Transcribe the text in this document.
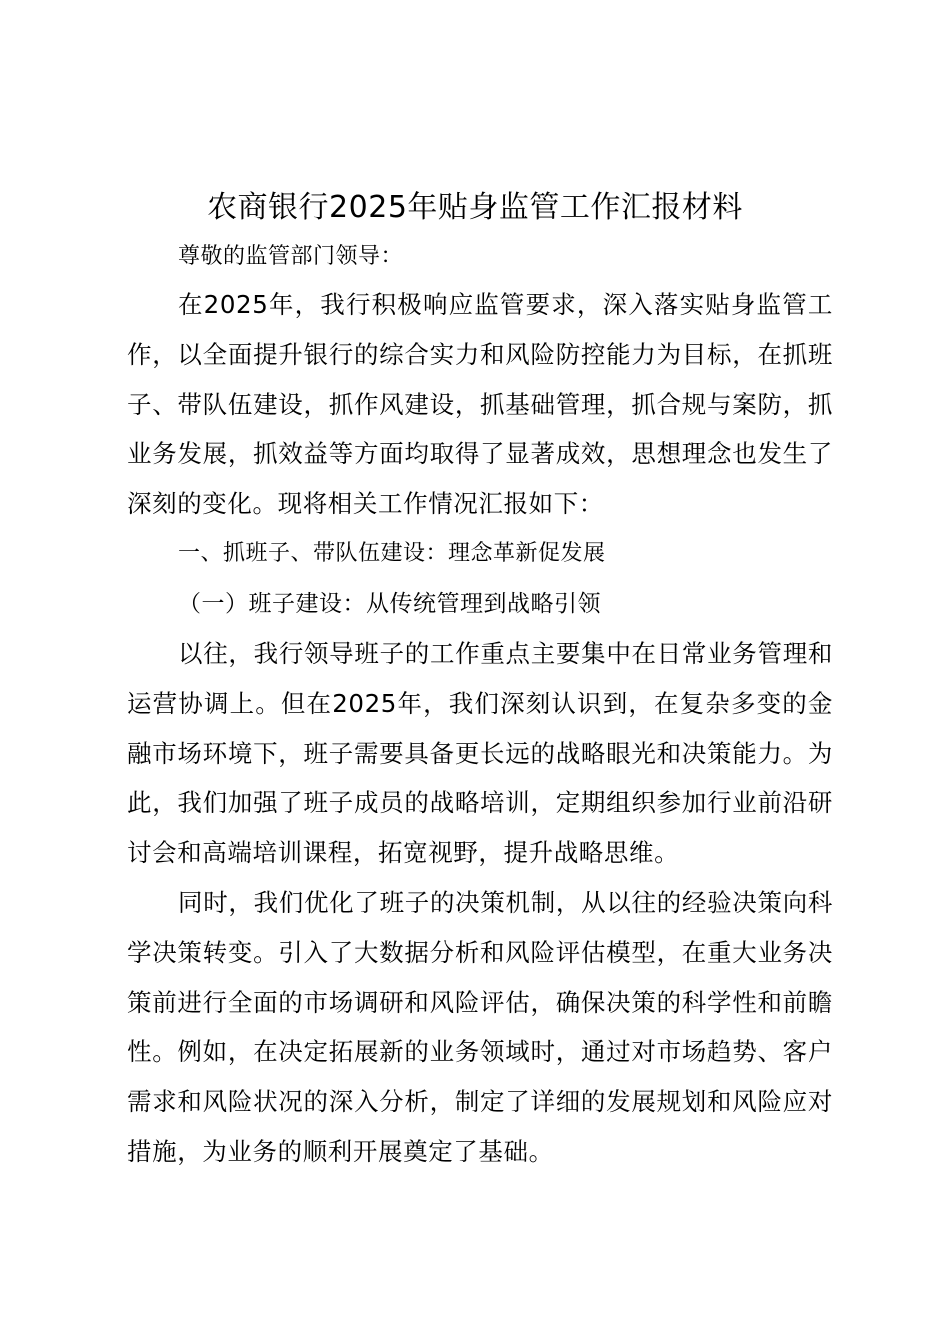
农商银行2025年贴身监管工作汇报材料

尊敬的监管部门领导：

在2025年，我行积极响应监管要求，深入落实贴身监管工作，以全面提升银行的综合实力和风险防控能力为目标，在抓班子、带队伍建设，抓作风建设，抓基础管理，抓合规与案防，抓业务发展，抓效益等方面均取得了显著成效，思想理念也发生了深刻的变化。现将相关工作情况汇报如下：

一、抓班子、带队伍建设：理念革新促发展

（一）班子建设：从传统管理到战略引领

以往，我行领导班子的工作重点主要集中在日常业务管理和运营协调上。但在2025年，我们深刻认识到，在复杂多变的金融市场环境下，班子需要具备更长远的战略眼光和决策能力。为此，我们加强了班子成员的战略培训，定期组织参加行业前沿研讨会和高端培训课程，拓宽视野，提升战略思维。

同时，我们优化了班子的决策机制，从以往的经验决策向科学决策转变。引入了大数据分析和风险评估模型，在重大业务决策前进行全面的市场调研和风险评估，确保决策的科学性和前瞻性。例如，在决定拓展新的业务领域时，通过对市场趋势、客户需求和风险状况的深入分析，制定了详细的发展规划和风险应对措施，为业务的顺利开展奠定了基础。
